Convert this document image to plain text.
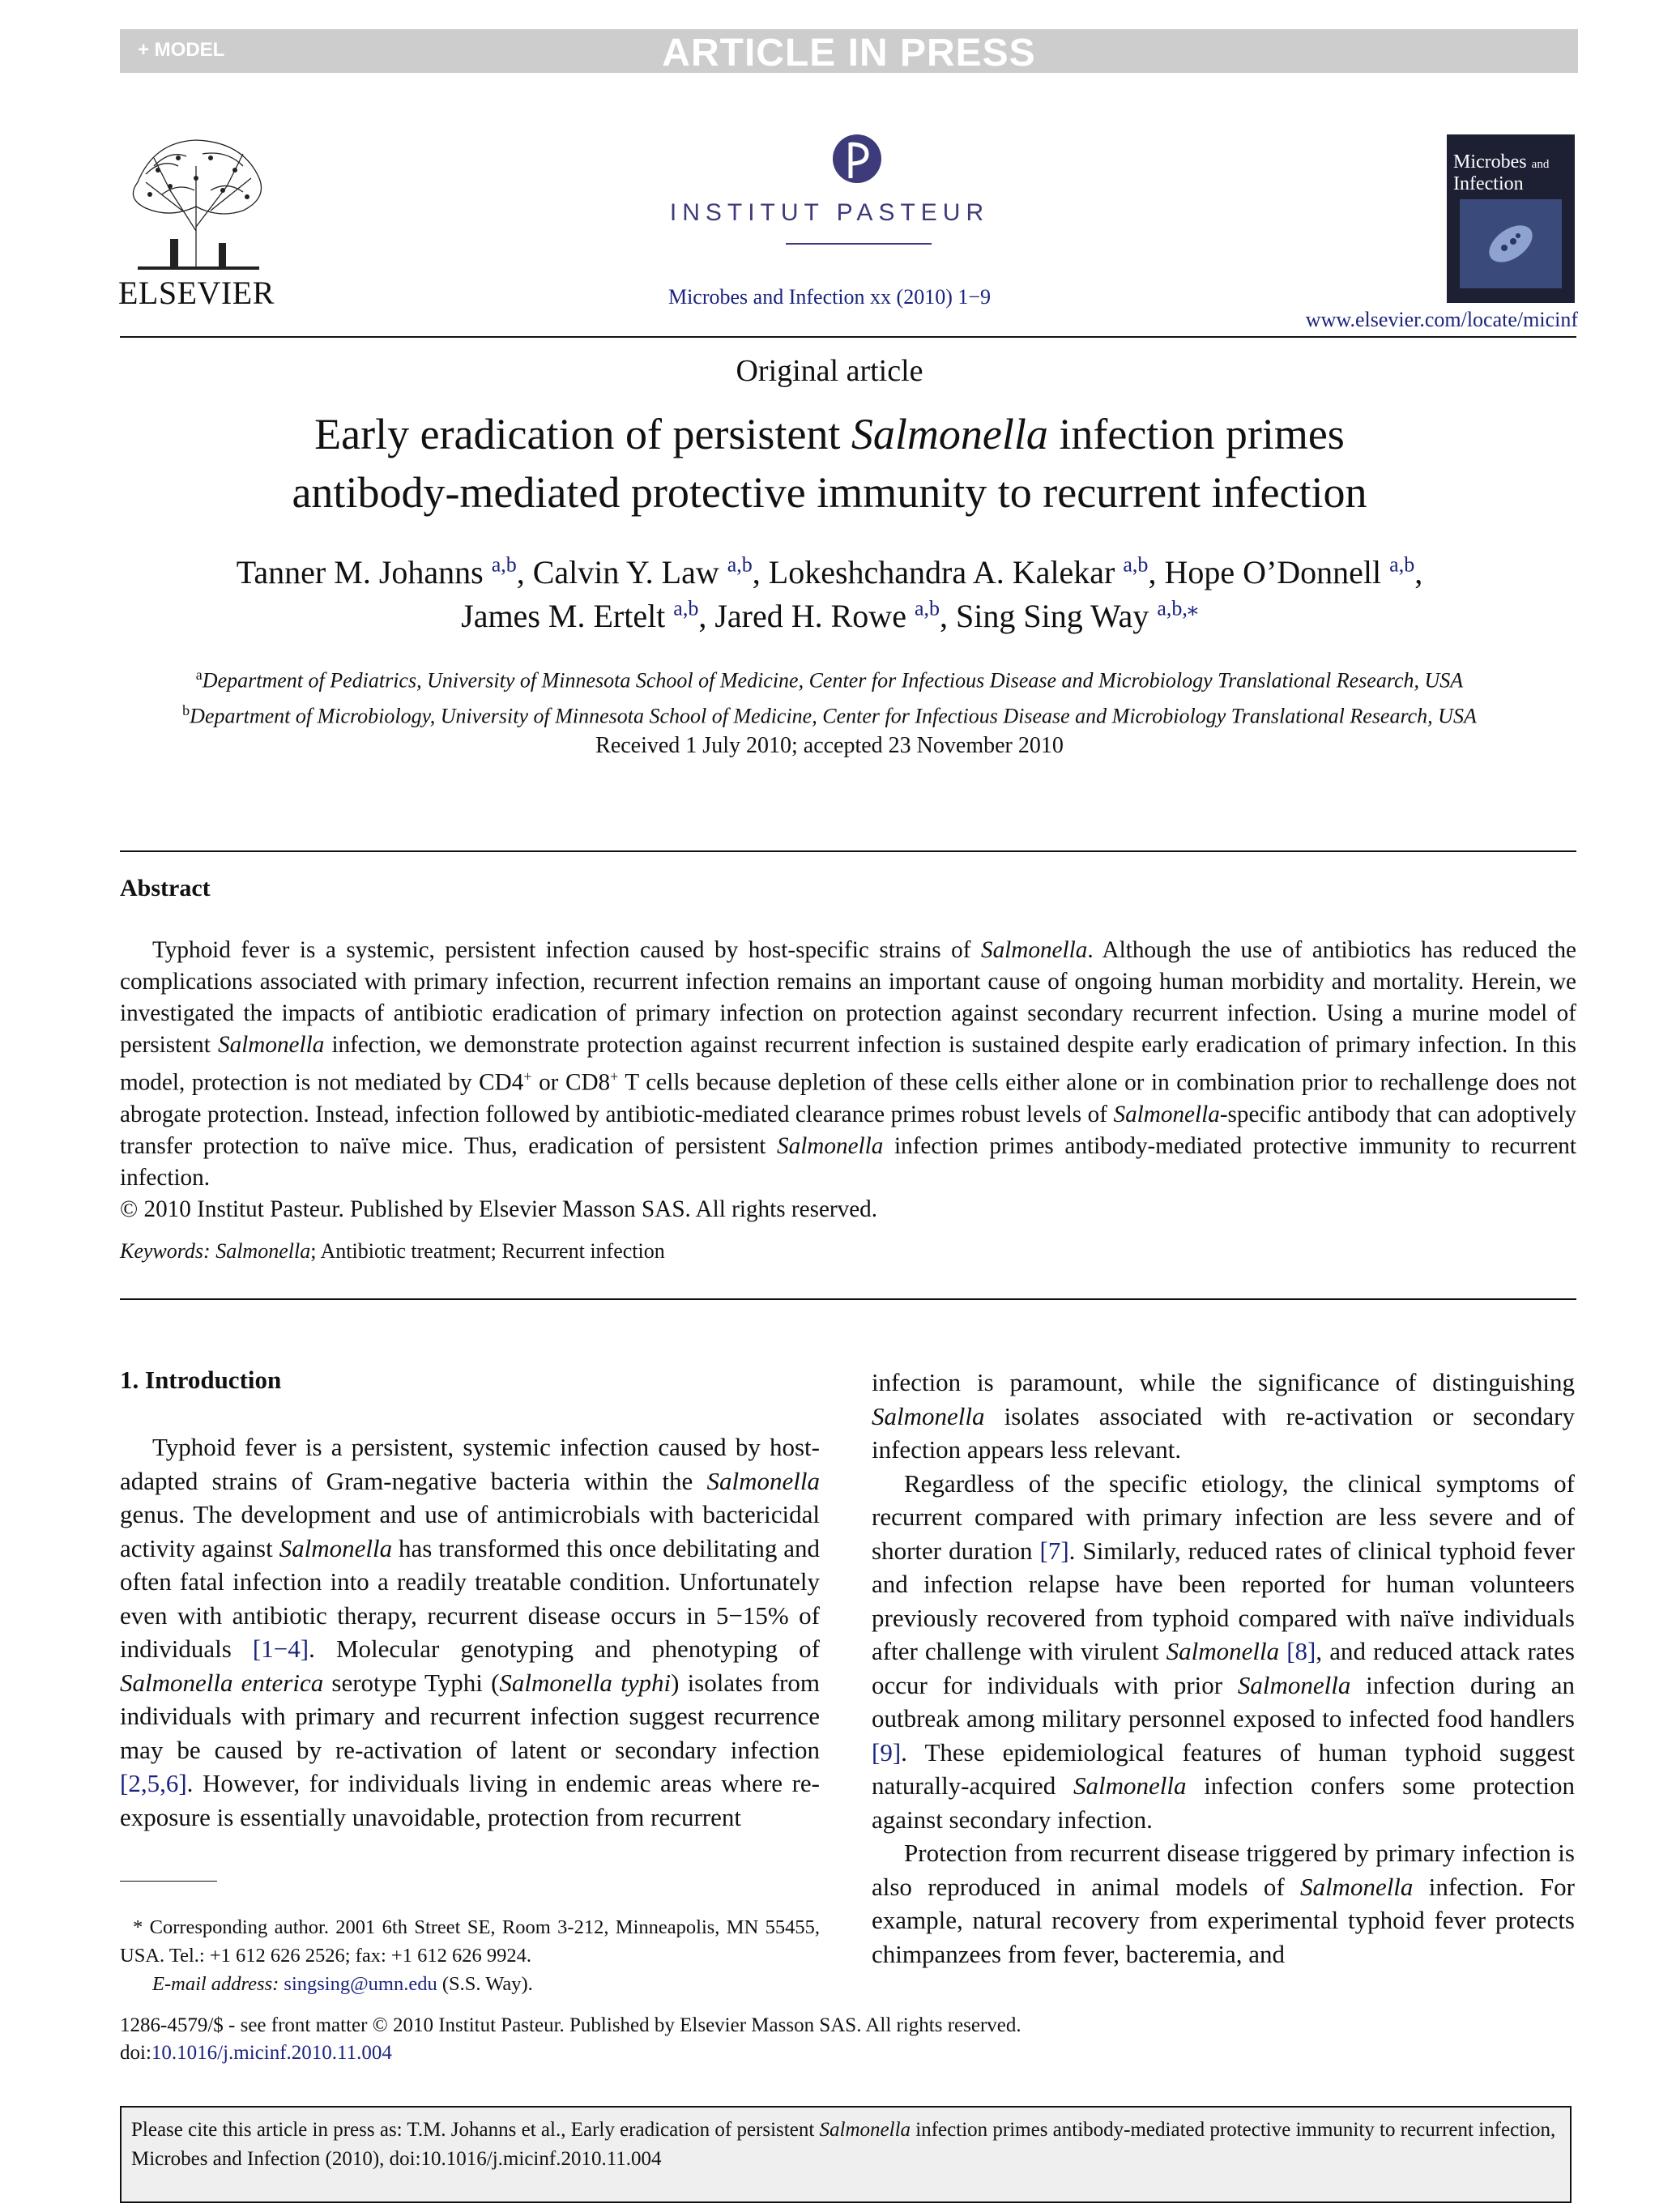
+ MODEL	ARTICLE IN PRESS
ELSEVIER
INSTITUT PASTEUR
Microbes and Infection xx (2010) 1−9
Microbes and
Infection
www.elsevier.com/locate/micinf
Original article
Early eradication of persistent Salmonella infection primes
antibody-mediated protective immunity to recurrent infection
Tanner M. Johanns $^{a,b}$, Calvin Y. Law $^{a,b}$, Lokeshchandra A. Kalekar $^{a,b}$, Hope O’Donnell $^{a,b}$,
James M. Ertelt $^{a,b}$, Jared H. Rowe $^{a,b}$, Sing Sing Way $^{a,b,⁎}$
$^a$Department of Pediatrics, University of Minnesota School of Medicine, Center for Infectious Disease and Microbiology Translational Research, USA
$^b$Department of Microbiology, University of Minnesota School of Medicine, Center for Infectious Disease and Microbiology Translational Research, USA
Received 1 July 2010; accepted 23 November 2010
Abstract
Typhoid fever is a systemic, persistent infection caused by host-specific strains of Salmonella. Although the use of antibiotics has reduced the complications associated with primary infection, recurrent infection remains an important cause of ongoing human morbidity and mortality. Herein, we investigated the impacts of antibiotic eradication of primary infection on protection against secondary recurrent infection. Using a murine model of persistent Salmonella infection, we demonstrate protection against recurrent infection is sustained despite early eradication of primary infection. In this model, protection is not mediated by CD4+ or CD8+ T cells because depletion of these cells either alone or in combination prior to rechallenge does not abrogate protection. Instead, infection followed by antibiotic-mediated clearance primes robust levels of Salmonella-specific antibody that can adoptively transfer protection to naïve mice. Thus, eradication of persistent Salmonella infection primes antibody-mediated protective immunity to recurrent infection.
© 2010 Institut Pasteur. Published by Elsevier Masson SAS. All rights reserved.
Keywords: Salmonella; Antibiotic treatment; Recurrent infection
1. Introduction
Typhoid fever is a persistent, systemic infection caused by host-adapted strains of Gram-negative bacteria within the Salmonella genus. The development and use of antimicrobials with bactericidal activity against Salmonella has transformed this once debilitating and often fatal infection into a readily treatable condition. Unfortunately even with antibiotic therapy, recurrent disease occurs in 5−15% of individuals [1−4]. Molecular genotyping and phenotyping of Salmonella enterica serotype Typhi (Salmonella typhi) isolates from individuals with primary and recurrent infection suggest recurrence may be caused by re-activation of latent or secondary infection [2,5,6]. However, for individuals living in endemic areas where re-exposure is essentially unavoidable, protection from recurrent
* Corresponding author. 2001 6th Street SE, Room 3-212, Minneapolis, MN 55455, USA. Tel.: +1 612 626 2526; fax: +1 612 626 9924.
E-mail address: singsing@umn.edu (S.S. Way).
infection is paramount, while the significance of distinguishing Salmonella isolates associated with re-activation or secondary infection appears less relevant.
Regardless of the specific etiology, the clinical symptoms of recurrent compared with primary infection are less severe and of shorter duration [7]. Similarly, reduced rates of clinical typhoid fever and infection relapse have been reported for human volunteers previously recovered from typhoid compared with naïve individuals after challenge with virulent Salmonella [8], and reduced attack rates occur for individuals with prior Salmonella infection during an outbreak among military personnel exposed to infected food handlers [9]. These epidemiological features of human typhoid suggest naturally-acquired Salmonella infection confers some protection against secondary infection.
Protection from recurrent disease triggered by primary infection is also reproduced in animal models of Salmonella infection. For example, natural recovery from experimental typhoid fever protects chimpanzees from fever, bacteremia, and
1286-4579/$ - see front matter © 2010 Institut Pasteur. Published by Elsevier Masson SAS. All rights reserved.
doi:10.1016/j.micinf.2010.11.004
Please cite this article in press as: T.M. Johanns et al., Early eradication of persistent Salmonella infection primes antibody-mediated protective immunity to recurrent infection, Microbes and Infection (2010), doi:10.1016/j.micinf.2010.11.004
